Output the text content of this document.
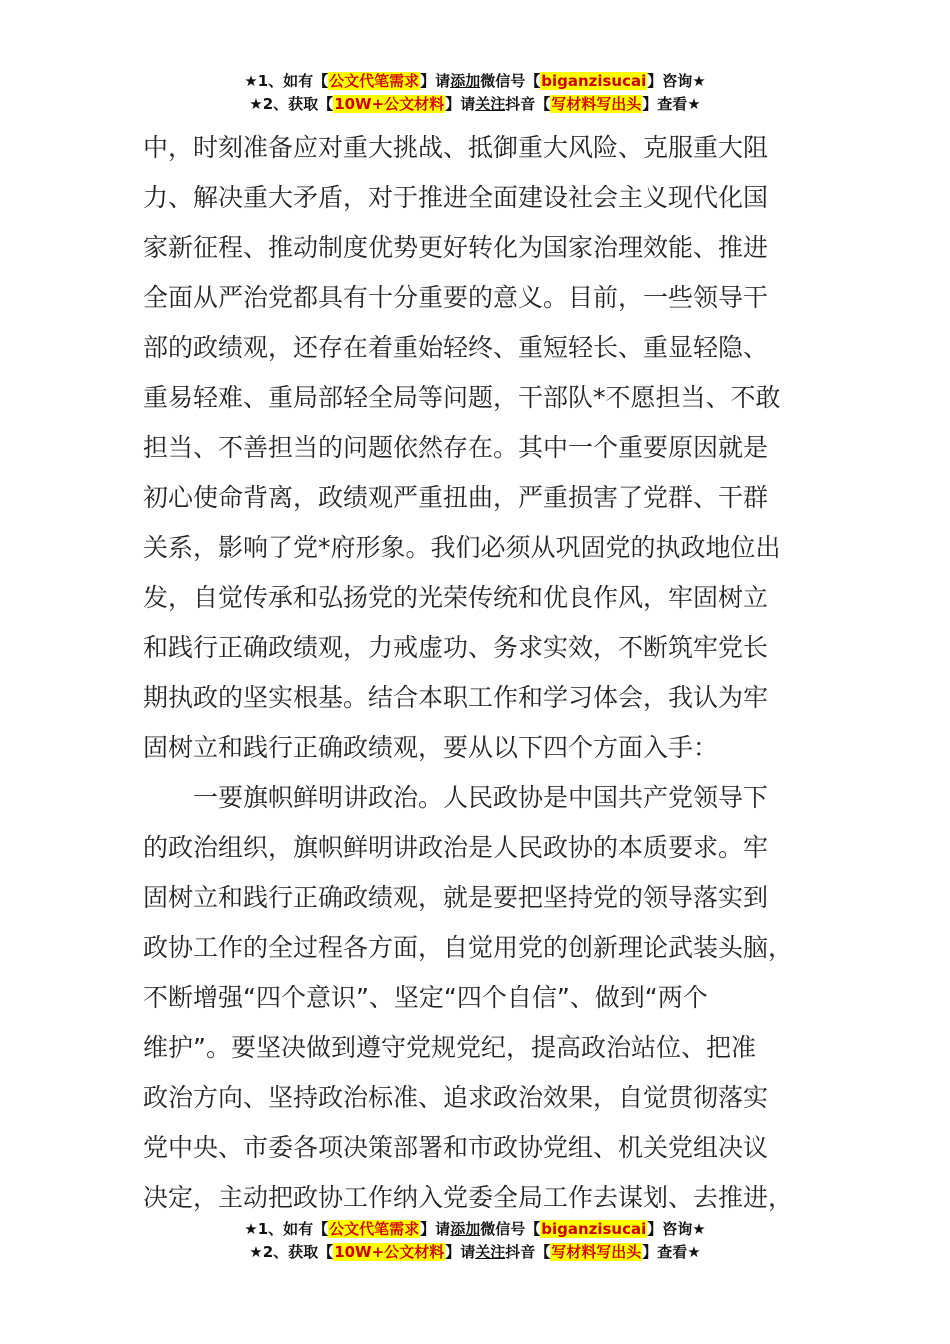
★1、如有【公文代笔需求】请添加微信号【biganzisucai】咨询★
★2、获取【10W+公文材料】请关注抖音【写材料写出头】查看★
中，时刻准备应对重大挑战、抵御重大风险、克服重大阻
力、解决重大矛盾，对于推进全面建设社会主义现代化国
家新征程、推动制度优势更好转化为国家治理效能、推进
全面从严治党都具有十分重要的意义。目前，一些领导干
部的政绩观，还存在着重始轻终、重短轻长、重显轻隐、
重易轻难、重局部轻全局等问题，干部队*不愿担当、不敢
担当、不善担当的问题依然存在。其中一个重要原因就是
初心使命背离，政绩观严重扭曲，严重损害了党群、干群
关系，影响了党*府形象。我们必须从巩固党的执政地位出
发，自觉传承和弘扬党的光荣传统和优良作风，牢固树立
和践行正确政绩观，力戒虚功、务求实效，不断筑牢党长
期执政的坚实根基。结合本职工作和学习体会，我认为牢
固树立和践行正确政绩观，要从以下四个方面入手：
一要旗帜鲜明讲政治。人民政协是中国共产党领导下
的政治组织，旗帜鲜明讲政治是人民政协的本质要求。牢
固树立和践行正确政绩观，就是要把坚持党的领导落实到
政协工作的全过程各方面，自觉用党的创新理论武装头脑，
不断增强“四个意识”、坚定“四个自信”、做到“两个
维护”。要坚决做到遵守党规党纪，提高政治站位、把准
政治方向、坚持政治标准、追求政治效果，自觉贯彻落实
党中央、市委各项决策部署和市政协党组、机关党组决议
决定，主动把政协工作纳入党委全局工作去谋划、去推进，
★1、如有【公文代笔需求】请添加微信号【biganzisucai】咨询★
★2、获取【10W+公文材料】请关注抖音【写材料写出头】查看★
